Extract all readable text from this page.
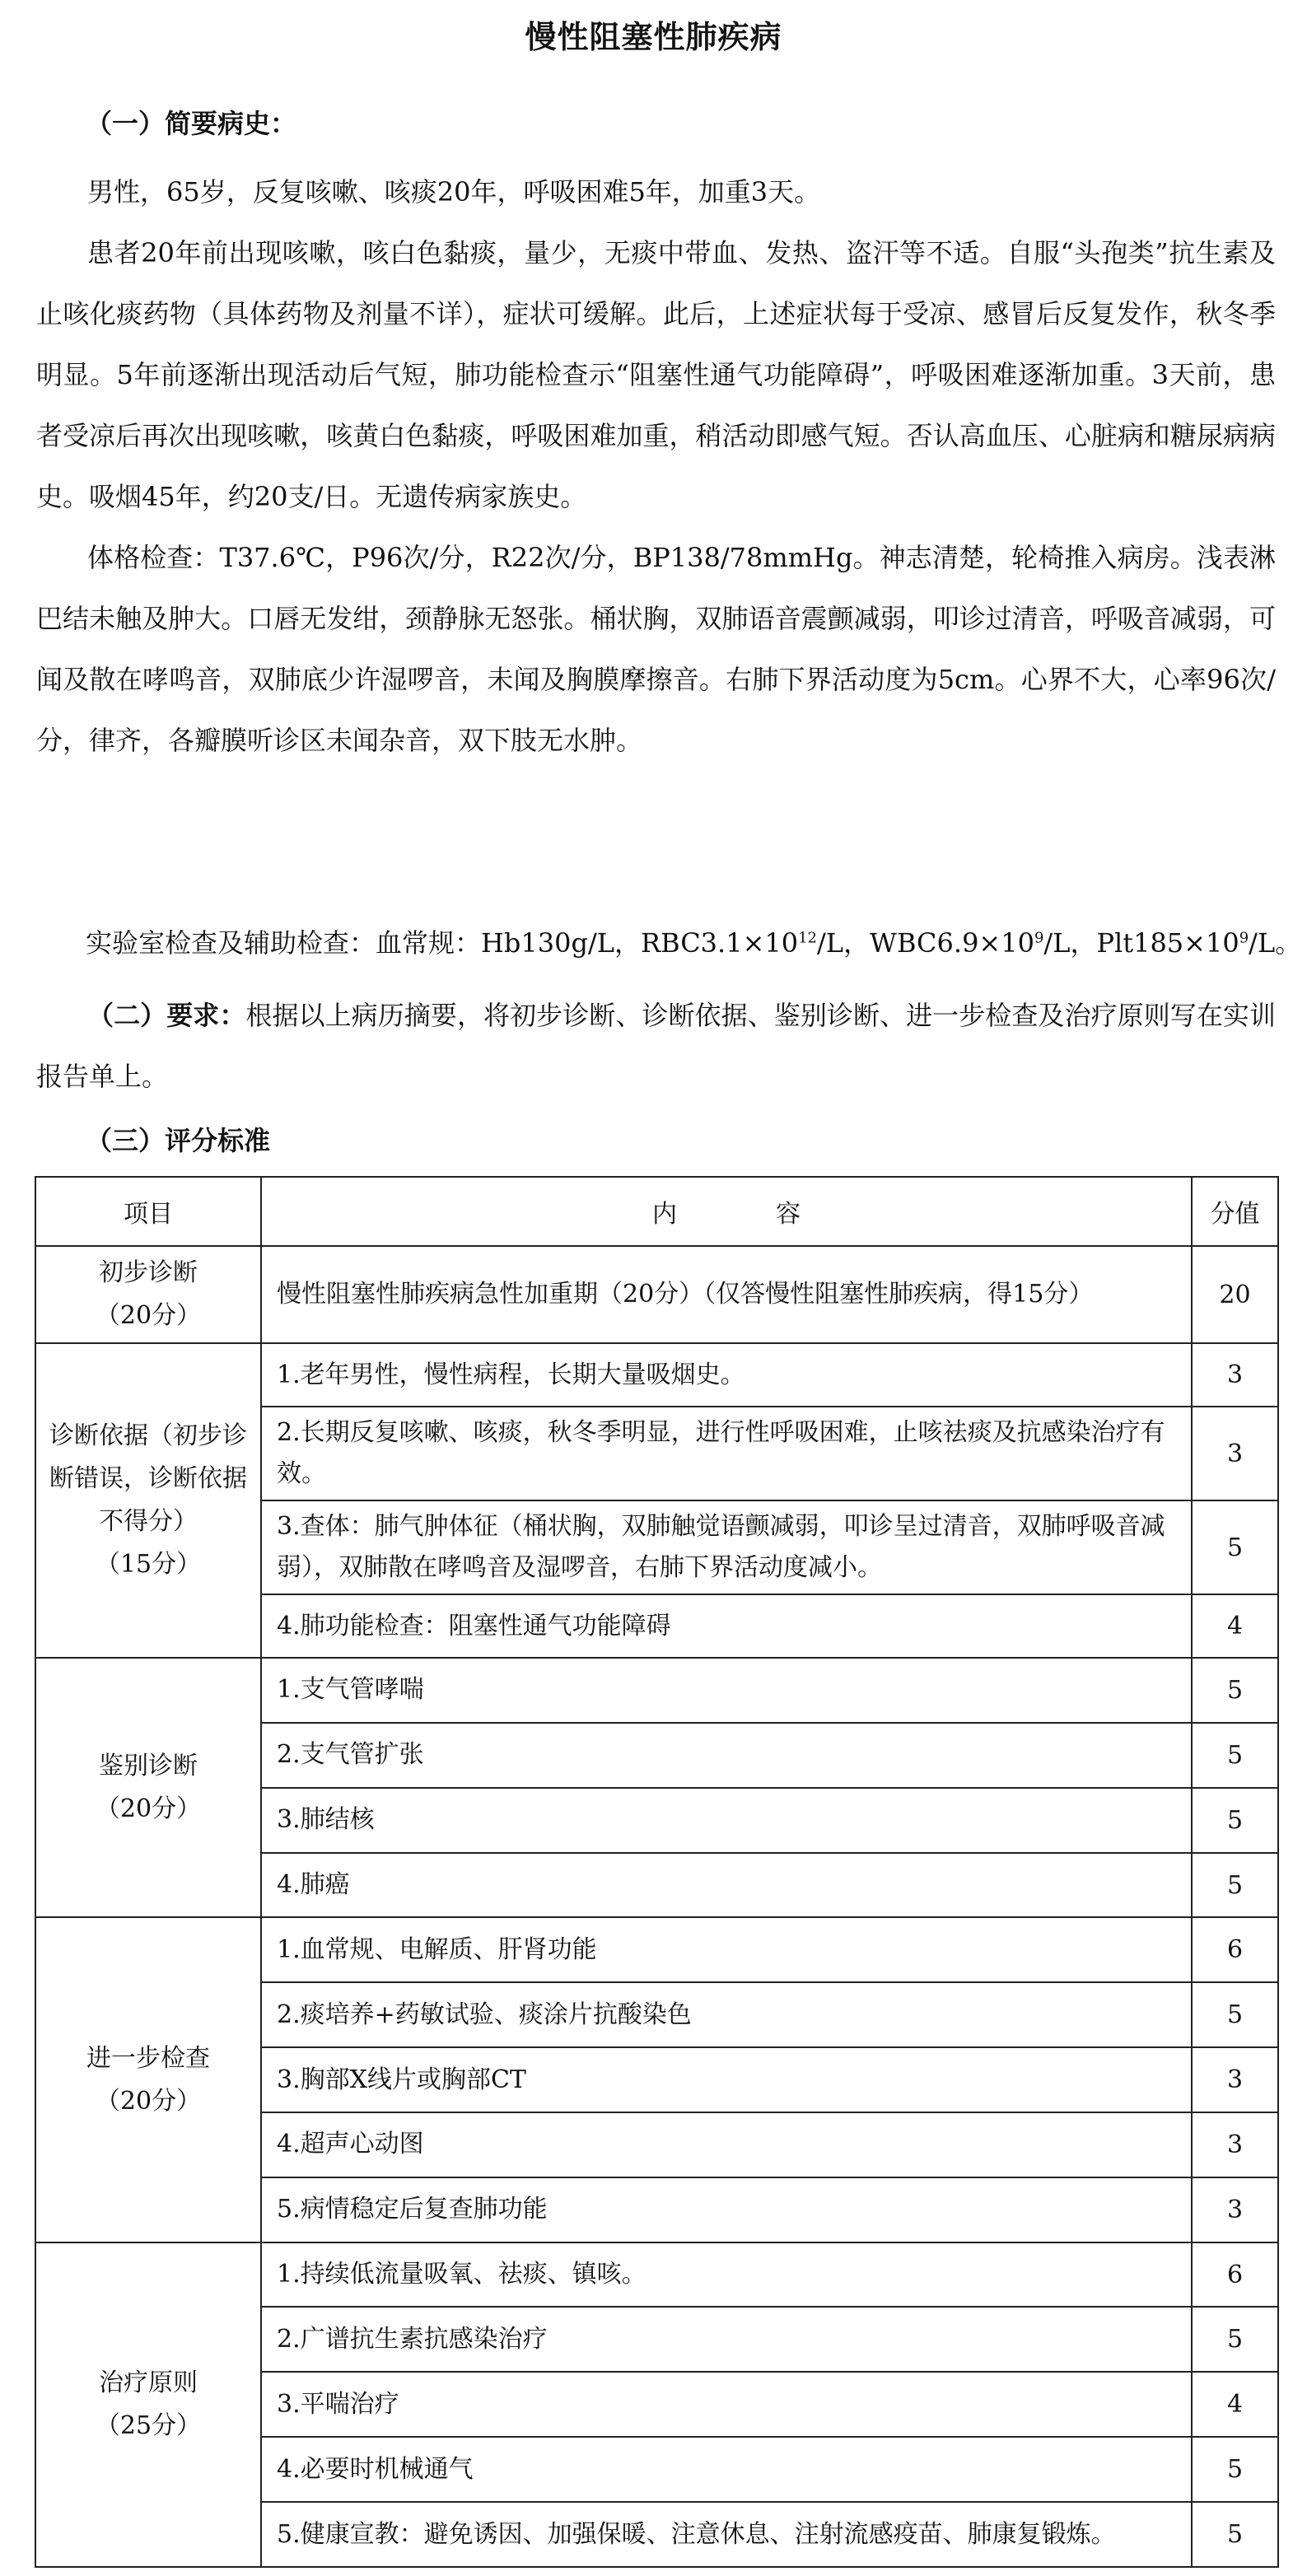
慢性阻塞性肺疾病
（一）简要病史：

男性，65岁，反复咳嗽、咳痰20年，呼吸困难5年，加重3天。

患者20年前出现咳嗽，咳白色黏痰，量少，无痰中带血、发热、盗汗等不适。自服“头孢类”抗生素及止咳化痰药物（具体药物及剂量不详），症状可缓解。此后，上述症状每于受凉、感冒后反复发作，秋冬季明显。5年前逐渐出现活动后气短，肺功能检查示“阻塞性通气功能障碍”，呼吸困难逐渐加重。3天前，患者受凉后再次出现咳嗽，咳黄白色黏痰，呼吸困难加重，稍活动即感气短。否认高血压、心脏病和糖尿病病史。吸烟45年，约20支/日。无遗传病家族史。

体格检查：T37.6℃，P96次/分，R22次/分，BP138/78mmHg。神志清楚，轮椅推入病房。浅表淋巴结未触及肿大。口唇无发绀，颈静脉无怒张。桶状胸，双肺语音震颤减弱，叩诊过清音，呼吸音减弱，可闻及散在哮鸣音，双肺底少许湿啰音，未闻及胸膜摩擦音。右肺下界活动度为5cm。心界不大，心率96次/分，律齐，各瓣膜听诊区未闻杂音，双下肢无水肿。

实验室检查及辅助检查：血常规：Hb130g/L，$RBC3.1\times 10^{12}/L$，$WBC6.9\times 10^9/L$，$Plt185\times 10^9/L$。

（二）要求：根据以上病历摘要，将初步诊断、诊断依据、鉴别诊断、进一步检查及治疗原则写在实训报告单上。

（三）评分标准
项目	内容	分值

初步诊断
（20分）	慢性阻塞性肺疾病急性加重期（20分）（仅答慢性阻塞性肺疾病，得15分）	20

诊断依据（初步诊断错误，诊断依据不得分）
（15分）	1.老年男性，慢性病程，长期大量吸烟史。	3
	2.长期反复咳嗽、咳痰，秋冬季明显，进行性呼吸困难，止咳祛痰及抗感染治疗有效。	3
	3.查体：肺气肿体征（桶状胸，双肺触觉语颤减弱，叩诊呈过清音，双肺呼吸音减弱），双肺散在哮鸣音及湿啰音，右肺下界活动度减小。	5
	4.肺功能检查：阻塞性通气功能障碍	4

鉴别诊断
（20分）	1.支气管哮喘	5
	2.支气管扩张	5
	3.肺结核	5
	4.肺癌	5

进一步检查
（20分）	1.血常规、电解质、肝肾功能	6
	2.痰培养+药敏试验、痰涂片抗酸染色	5
	3.胸部X线片或胸部CT	3
	4.超声心动图	3
	5.病情稳定后复查肺功能	3

治疗原则
（25分）	1.持续低流量吸氧、祛痰、镇咳。	6
	2.广谱抗生素抗感染治疗	5
	3.平喘治疗	4
	4.必要时机械通气	5
	5.健康宣教：避免诱因、加强保暖、注意休息、注射流感疫苗、肺康复锻炼。	5
